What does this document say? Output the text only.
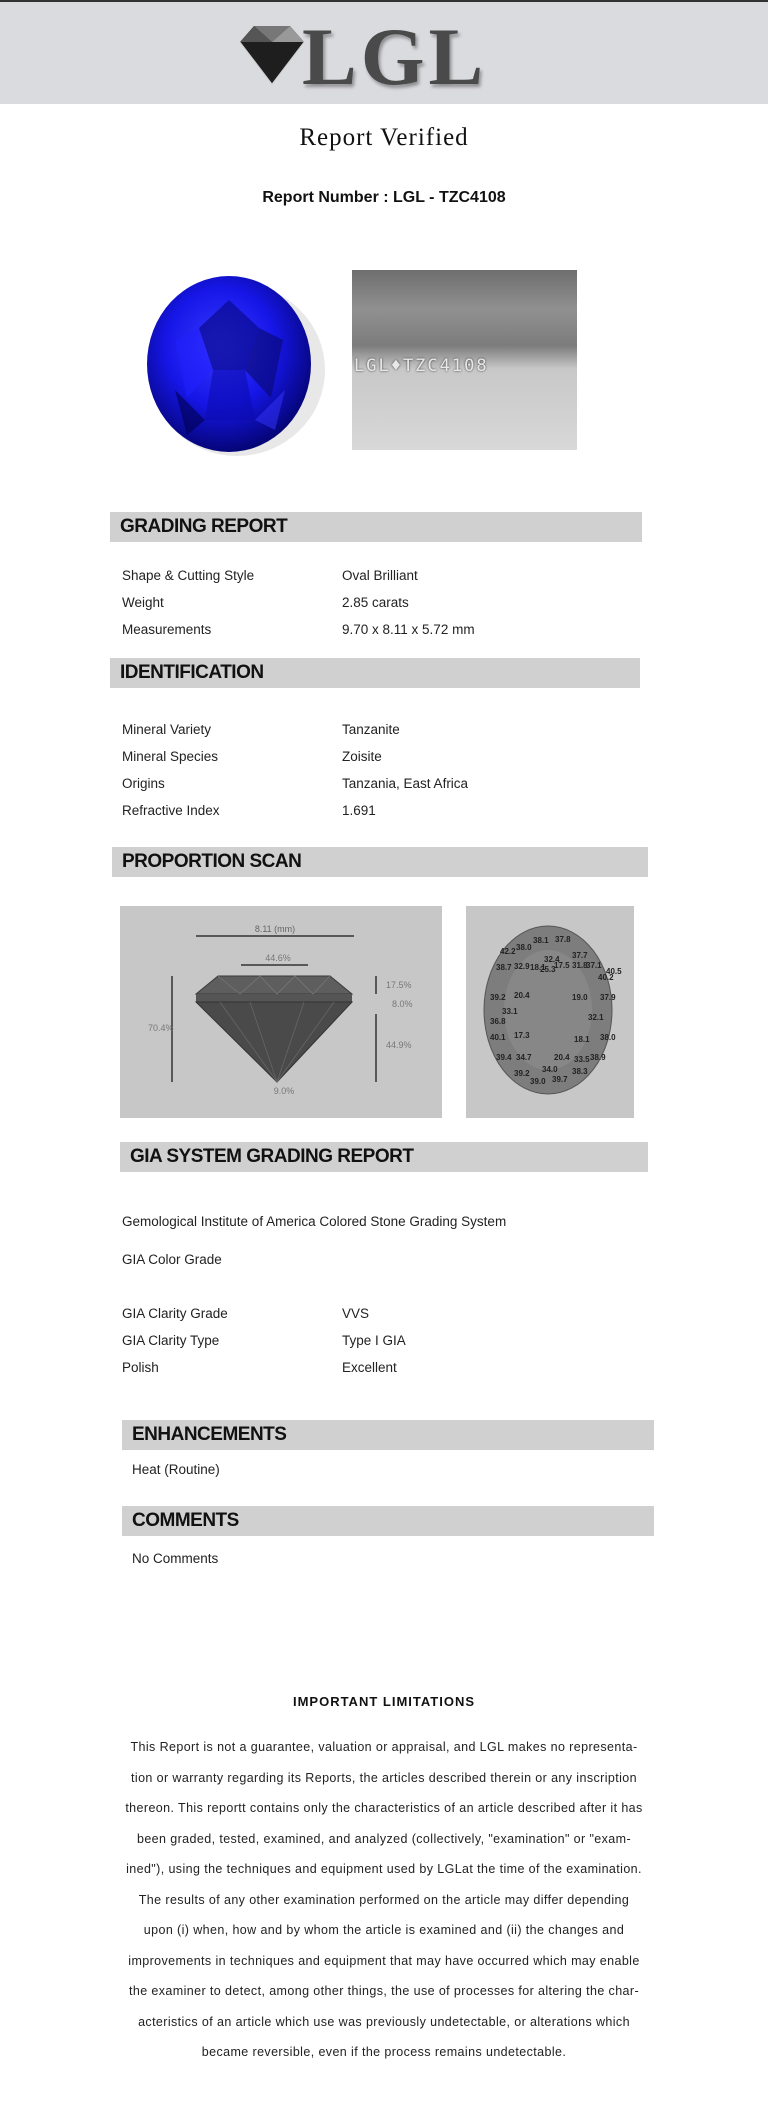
LGL
Report Verified
Report Number : LGL - TZC4108
LGL♦TZC4108
GRADING REPORT
Shape & Cutting Style	Oval Brilliant
Weight	2.85 carats
Measurements	9.70 x 8.11 x 5.72 mm
IDENTIFICATION
Mineral Variety	Tanzanite
Mineral Species	Zoisite
Origins	Tanzania, East Africa
Refractive Index	1.691
PROPORTION SCAN
8.11 (mm)
44.6%
70.4%
17.5%
8.0%
44.9%
9.0%
42.2 38.0
38.1 37.8
32.4 37.7
25.3
38.7 32.9 18.1 17.5 31.8
37.1
40.5
40.2
39.2 20.4	19.0 37.9
33.1
36.8	32.1
40.1 17.3	18.1 38.0
39.4 34.7	20.4 33.5 38.9
34.0 38.3
39.2
39.0 39.7
GIA SYSTEM GRADING REPORT
Gemological Institute of America Colored Stone Grading System
GIA Color Grade
GIA Clarity Grade	VVS
GIA Clarity Type	Type I GIA
Polish	Excellent
ENHANCEMENTS
Heat (Routine)
COMMENTS
No Comments
IMPORTANT LIMITATIONS
This Report is not a guarantee, valuation or appraisal, and LGL makes no representa-
tion or warranty regarding its Reports, the articles described therein or any inscription
thereon. This reportt contains only the characteristics of an article described after it has
been graded, tested, examined, and analyzed (collectively, "examination" or "exam-
ined"), using the techniques and equipment used by LGLat the time of the examination.
The results of any other examination performed on the article may differ depending
upon (i) when, how and by whom the article is examined and (ii) the changes and
improvements in techniques and equipment that may have occurred which may enable
the examiner to detect, among other things, the use of processes for altering the char-
acteristics of an article which use was previously undetectable, or alterations which
became reversible, even if the process remains undetectable.
